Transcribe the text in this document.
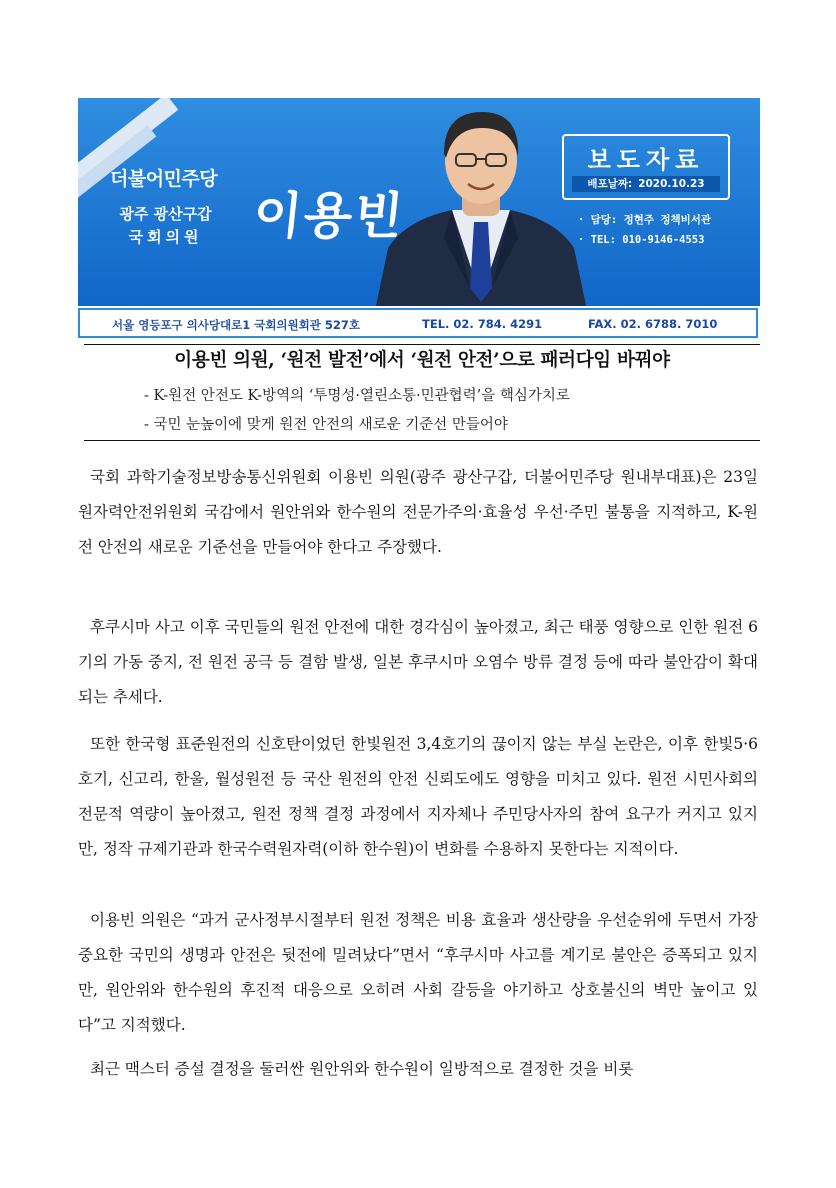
더불어민주당
광주 광산구갑
국회의원 이용빈
보도자료
배포날짜: 2020.10.23
· 담당: 정현주 정책비서관
· TEL: 010-9146-4553
서울 영등포구 의사당대로1 국회의원회관 527호	TEL. 02. 784. 4291	FAX. 02. 6788. 7010
이용빈 의원, ‘원전 발전’에서 ‘원전 안전’으로 패러다임 바꿔야
- K-원전 안전도 K-방역의 ‘투명성·열린소통·민관협력’을 핵심가치로
- 국민 눈높이에 맞게 원전 안전의 새로운 기준선 만들어야

국회 과학기술정보방송통신위원회 이용빈 의원(광주 광산구갑, 더불어민주당 원내부대표)은 23일 원자력안전위원회 국감에서 원안위와 한수원의 전문가주의·효율성 우선·주민 불통을 지적하고, K-원전 안전의 새로운 기준선을 만들어야 한다고 주장했다.

후쿠시마 사고 이후 국민들의 원전 안전에 대한 경각심이 높아졌고, 최근 태풍 영향으로 인한 원전 6기의 가동 중지, 전 원전 공극 등 결함 발생, 일본 후쿠시마 오염수 방류 결정 등에 따라 불안감이 확대되는 추세다.

또한 한국형 표준원전의 신호탄이었던 한빛원전 3,4호기의 끊이지 않는 부실 논란은, 이후 한빛5·6호기, 신고리, 한울, 월성원전 등 국산 원전의 안전 신뢰도에도 영향을 미치고 있다. 원전 시민사회의 전문적 역량이 높아졌고, 원전 정책 결정 과정에서 지자체나 주민당사자의 참여 요구가 커지고 있지만, 정작 규제기관과 한국수력원자력(이하 한수원)이 변화를 수용하지 못한다는 지적이다.

이용빈 의원은 “과거 군사정부시절부터 원전 정책은 비용 효율과 생산량을 우선순위에 두면서 가장 중요한 국민의 생명과 안전은 뒷전에 밀려났다”면서 “후쿠시마 사고를 계기로 불안은 증폭되고 있지만, 원안위와 한수원의 후진적 대응으로 오히려 사회 갈등을 야기하고 상호불신의 벽만 높이고 있다”고 지적했다.

최근 맥스터 증설 결정을 둘러싼 원안위와 한수원이 일방적으로 결정한 것을 비롯
